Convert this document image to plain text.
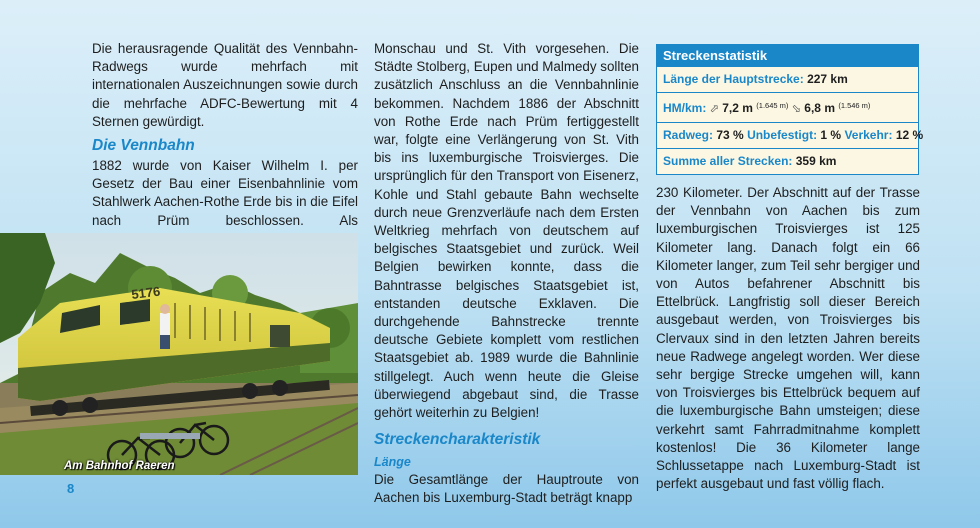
Die herausragende Qualität des Vennbahn-Radwegs wurde mehrfach mit internationalen Auszeichnungen sowie durch die mehrfache ADFC-Bewertung mit 4 Sternen gewürdigt.

Die Vennbahn

1882 wurde von Kaiser Wilhelm I. per Gesetz der Bau einer Eisenbahnlinie vom Stahlwerk Aachen-Rothe Erde bis in die Eifel nach Prüm beschlossen. Als

5176
Am Bahnhof Raeren
8

Monschau und St. Vith vorgesehen. Die Städte Stolberg, Eupen und Malmedy sollten zusätzlich Anschluss an die Vennbahnlinie bekommen. Nachdem 1886 der Abschnitt von Rothe Erde nach Prüm fertiggestellt war, folgte eine Verlängerung von St. Vith bis ins luxemburgische Troisvierges. Die ursprünglich für den Transport von Eisenerz, Kohle und Stahl gebaute Bahn wechselte durch neue Grenzverläufe nach dem Ersten Weltkrieg mehrfach von deutschem auf belgisches Staatsgebiet und zurück. Weil Belgien bewirken konnte, dass die Bahntrasse belgisches Staatsgebiet ist, entstanden deutsche Exklaven. Die durchgehende Bahnstrecke trennte deutsche Gebiete komplett vom restlichen Staatsgebiet ab. 1989 wurde die Bahnlinie stillgelegt. Auch wenn heute die Gleise überwiegend abgebaut sind, die Trasse gehört weiterhin zu Belgien!

Streckencharakteristik
Länge

Die Gesamtlänge der Hauptroute von Aachen bis Luxemburg-Stadt beträgt knapp

Streckenstatistik
Länge der Hauptstrecke: 227 km
HM/km: ⬀ 7,2 m $^{(1.645 m)}$ ⬂ 6,8 m $^{(1.546 m)}$
Radweg: 73 % Unbefestigt: 1 % Verkehr: 12 %
Summe aller Strecken: 359 km

230 Kilometer. Der Abschnitt auf der Trasse der Vennbahn von Aachen bis zum luxemburgischen Troisvierges ist 125 Kilometer lang. Danach folgt ein 66 Kilometer langer, zum Teil sehr bergiger und von Autos befahrener Abschnitt bis Ettelbrück. Langfristig soll dieser Bereich ausgebaut werden, von Troisvierges bis Clervaux sind in den letzten Jahren bereits neue Radwege angelegt worden. Wer diese sehr bergige Strecke umgehen will, kann von Troisvierges bis Ettelbrück bequem auf die luxemburgische Bahn umsteigen; diese verkehrt samt Fahrradmitnahme komplett kostenlos! Die 36 Kilometer lange Schlussetappe nach Luxemburg-Stadt ist perfekt ausgebaut und fast völlig flach.
